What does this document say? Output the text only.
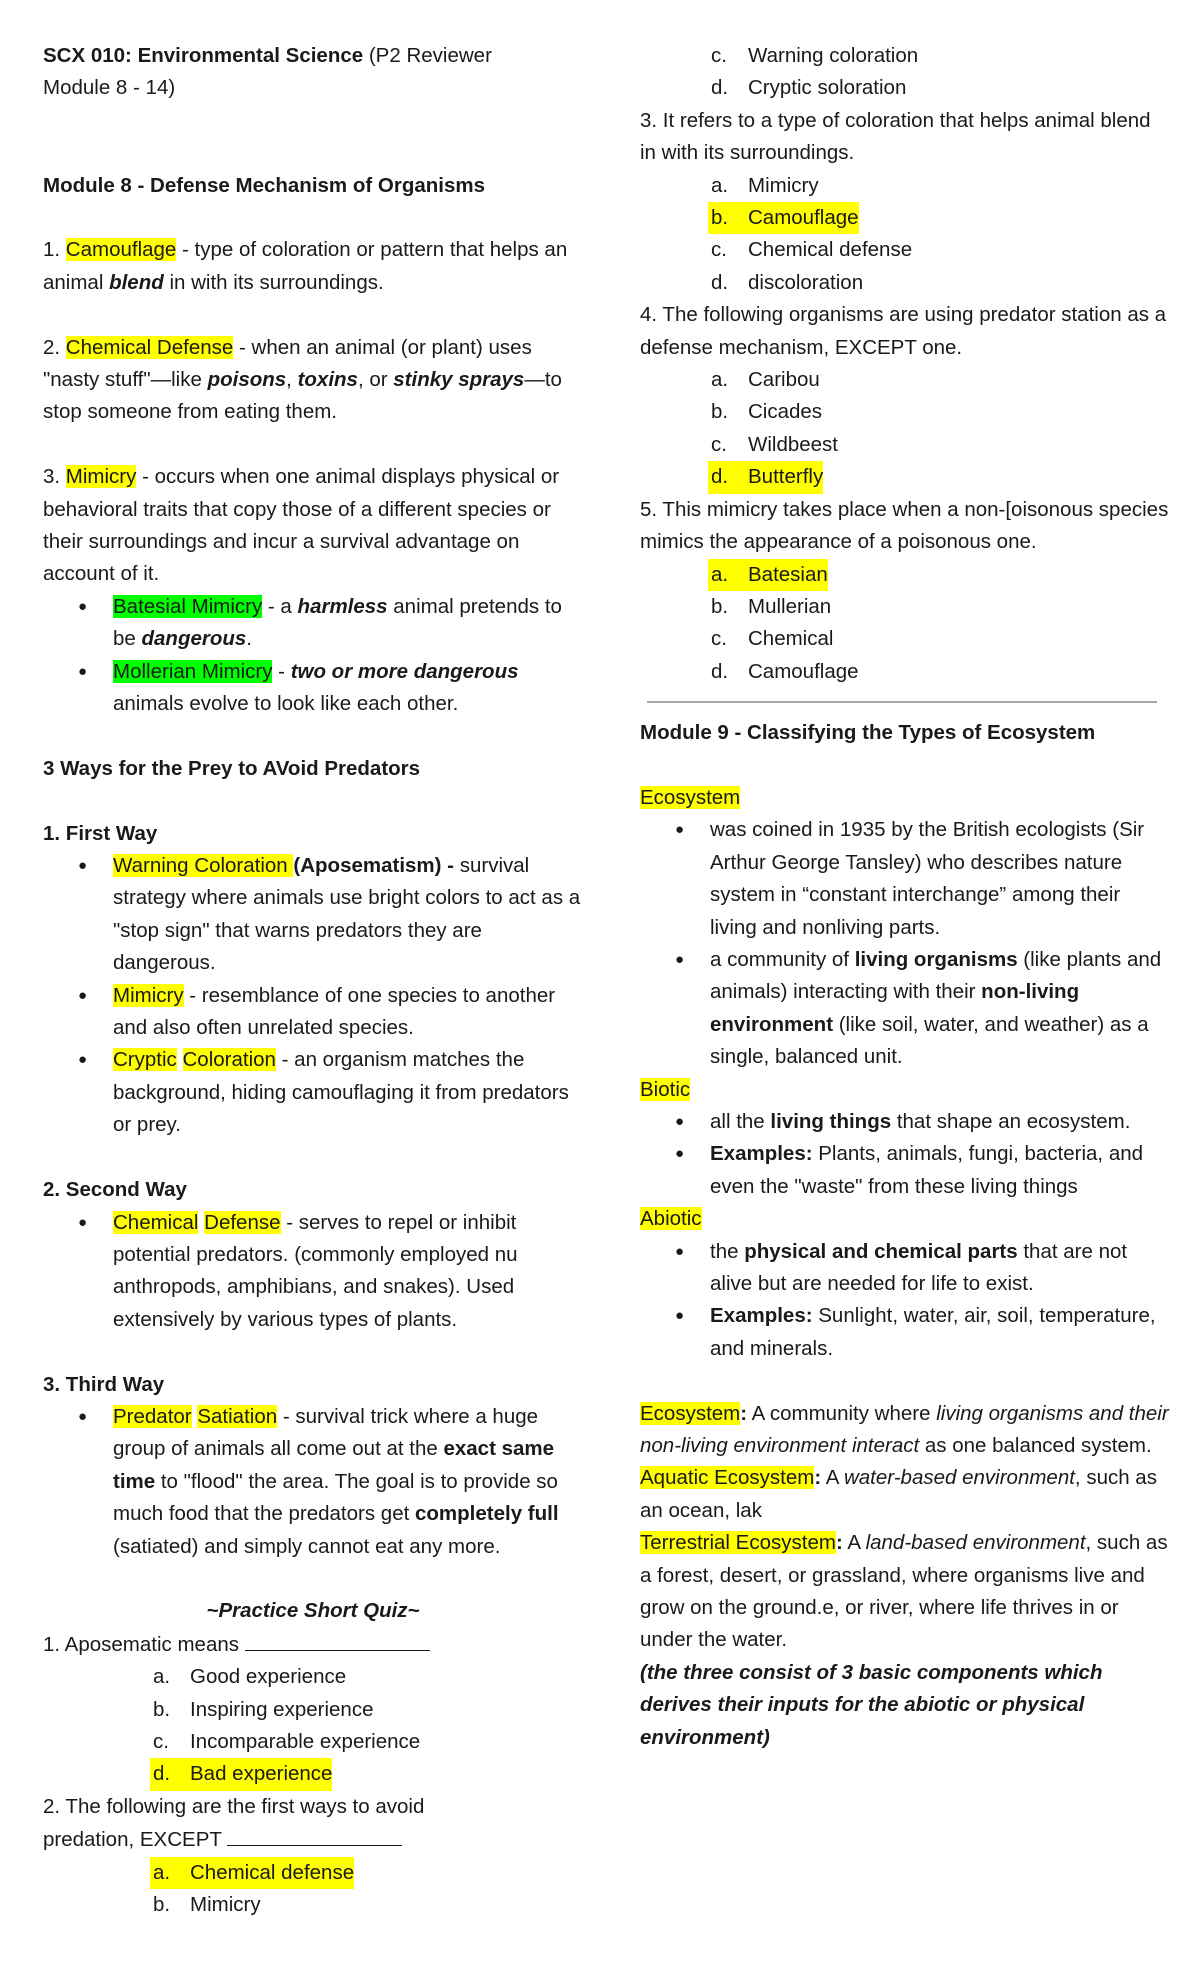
SCX 010: Environmental Science (P2 Reviewer

Module 8 - 14)

Module 8 - Defense Mechanism of Organisms

1. Camouflage - type of coloration or pattern that helps an animal blend in with its surroundings.

2. Chemical Defense - when an animal (or plant) uses "nasty stuff"—like poisons, toxins, or stinky sprays—to stop someone from eating them.

3. Mimicry - occurs when one animal displays physical or behavioral traits that copy those of a different species or their surroundings and incur a survival advantage on account of it.

● Batesial Mimicry - a harmless animal pretends to be dangerous.
● Mollerian Mimicry - two or more dangerous animals evolve to look like each other.

3 Ways for the Prey to AVoid Predators

1. First Way

● Warning Coloration (Aposematism) - survival strategy where animals use bright colors to act as a "stop sign" that warns predators they are dangerous.
● Mimicry - resemblance of one species to another and also often unrelated species.
● Cryptic Coloration - an organism matches the background, hiding camouflaging it from predators or prey.

2. Second Way

● Chemical Defense - serves to repel or inhibit potential predators. (commonly employed nu anthropods, amphibians, and snakes). Used extensively by various types of plants.

3. Third Way

● Predator Satiation - survival trick where a huge group of animals all come out at the exact same time to "flood" the area. The goal is to provide so much food that the predators get completely full (satiated) and simply cannot eat any more.

~Practice Short Quiz~

1. Aposematic means

a. Good experience
b. Inspiring experience
c. Incomparable experience
d. Bad experience

2. The following are the first ways to avoid
predation, EXCEPT

a. Chemical defense
b. Mimicry
c. Warning coloration
d. Cryptic soloration

3. It refers to a type of coloration that helps animal blend in with its surroundings.

a. Mimicry
b. Camouflage
c. Chemical defense
d. discoloration

4. The following organisms are using predator station as a defense mechanism, EXCEPT one.

a. Caribou
b. Cicades
c. Wildbeest
d. Butterfly

5. This mimicry takes place when a non-[oisonous species mimics the appearance of a poisonous one.

a. Batesian
b. Mullerian
c. Chemical
d. Camouflage

Module 9 - Classifying the Types of Ecosystem

Ecosystem

● was coined in 1935 by the British ecologists (Sir Arthur George Tansley) who describes nature system in “constant interchange” among their living and nonliving parts.
● a community of living organisms (like plants and animals) interacting with their non-living environment (like soil, water, and weather) as a single, balanced unit.

Biotic

● all the living things that shape an ecosystem.
● Examples: Plants, animals, fungi, bacteria, and even the "waste" from these living things

Abiotic

● the physical and chemical parts that are not alive but are needed for life to exist.
● Examples: Sunlight, water, air, soil, temperature, and minerals.

Ecosystem: A community where living organisms and their non-living environment interact as one balanced system.

Aquatic Ecosystem: A water-based environment, such as an ocean, lak

Terrestrial Ecosystem: A land-based environment, such as a forest, desert, or grassland, where organisms live and grow on the ground.e, or river, where life thrives in or under the water.

(the three consist of 3 basic components which derives their inputs for the abiotic or physical environment)
